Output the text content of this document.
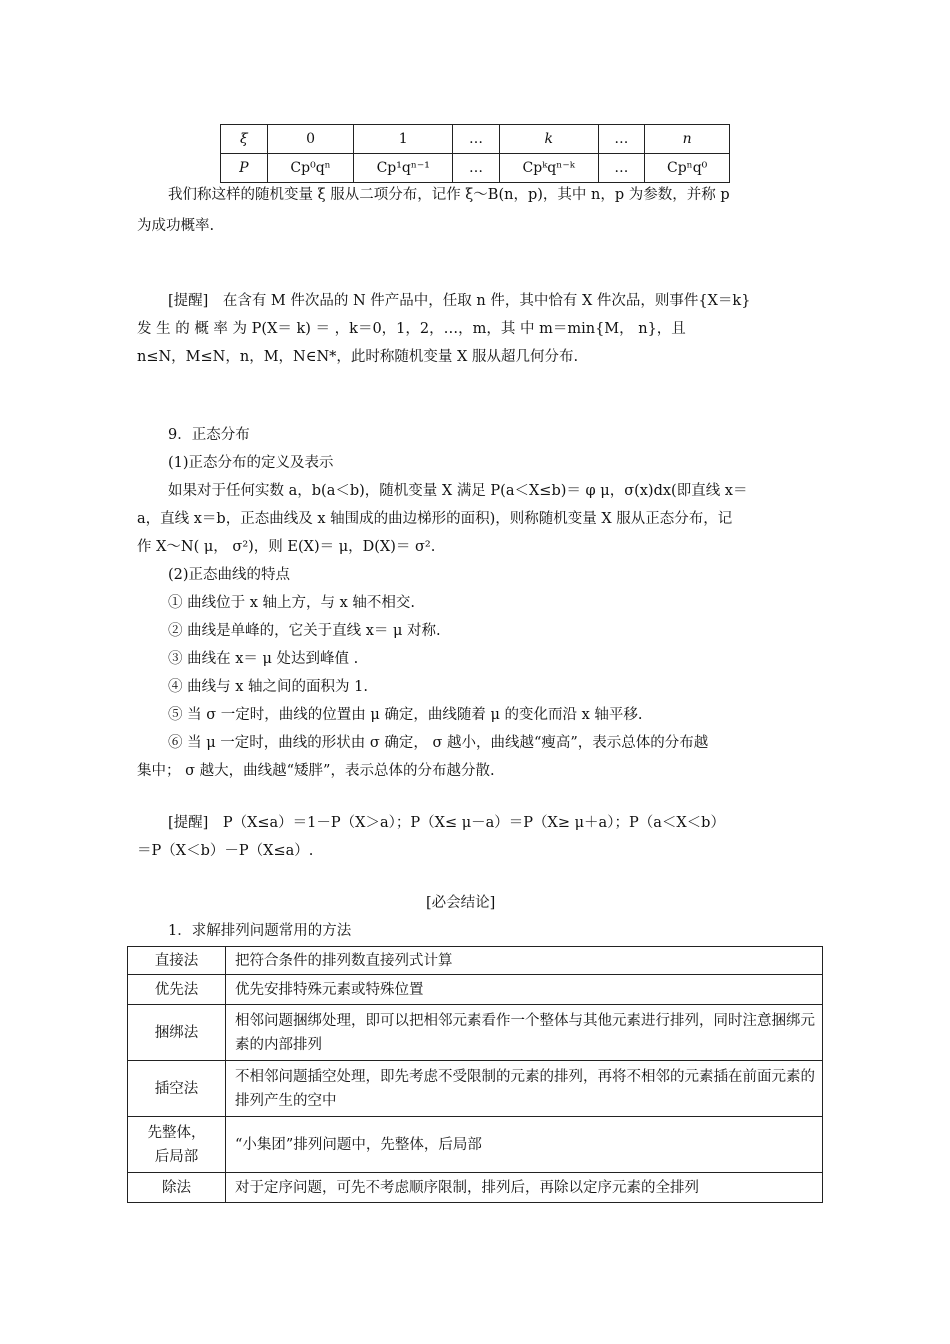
ξ	0	1	…	k	…	n
P	Cp⁰qⁿ	Cp¹qⁿ⁻¹	…	Cpᵏqⁿ⁻ᵏ	…	Cpⁿq⁰
我们称这样的随机变量 ξ 服从二项分布，记作 ξ～B(n，p)，其中 n，p 为参数，并称 p
为成功概率.
[提醒]　在含有 M 件次品的 N 件产品中，任取 n 件，其中恰有 X 件次品，则事件{X＝k}
发 生 的 概 率 为 P(X＝ k) ＝ ，k＝0，1，2，…，m，其 中 m＝min{M， n}，且
n≤N，M≤N，n，M，N∈N*，此时称随机变量 X 服从超几何分布.
9．正态分布
(1)正态分布的定义及表示
如果对于任何实数 a，b(a＜b)，随机变量 X 满足 P(a＜X≤b)＝ φ μ，σ(x)dx(即直线 x＝
a，直线 x＝b，正态曲线及 x 轴围成的曲边梯形的面积)，则称随机变量 X 服从正态分布，记
作 X～N( μ， σ²)，则 E(X)＝ μ，D(X)＝ σ².
(2)正态曲线的特点
① 曲线位于 x 轴上方，与 x 轴不相交.
② 曲线是单峰的，它关于直线 x＝ μ 对称.
③ 曲线在 x＝ μ 处达到峰值 .
④ 曲线与 x 轴之间的面积为 1.
⑤ 当 σ 一定时，曲线的位置由 μ 确定，曲线随着 μ 的变化而沿 x 轴平移.
⑥ 当 μ 一定时，曲线的形状由 σ 确定， σ 越小，曲线越“瘦高”，表示总体的分布越
集中； σ 越大，曲线越“矮胖”，表示总体的分布越分散.
[提醒]　P（X≤a）＝1－P（X＞a）；P（X≤ μ－a）＝P（X≥ μ＋a）；P（a＜X＜b）
＝P（X＜b）－P（X≤a）.
[必会结论]
1．求解排列问题常用的方法
直接法	把符合条件的排列数直接列式计算
优先法	优先安排特殊元素或特殊位置
捆绑法	相邻问题捆绑处理，即可以把相邻元素看作一个整体与其他元素进行排列，同时注意捆绑元素的内部排列
插空法	不相邻问题插空处理，即先考虑不受限制的元素的排列，再将不相邻的元素插在前面元素的排列产生的空中
先整体，后局部	“小集团”排列问题中，先整体，后局部
除法	对于定序问题，可先不考虑顺序限制，排列后，再除以定序元素的全排列
